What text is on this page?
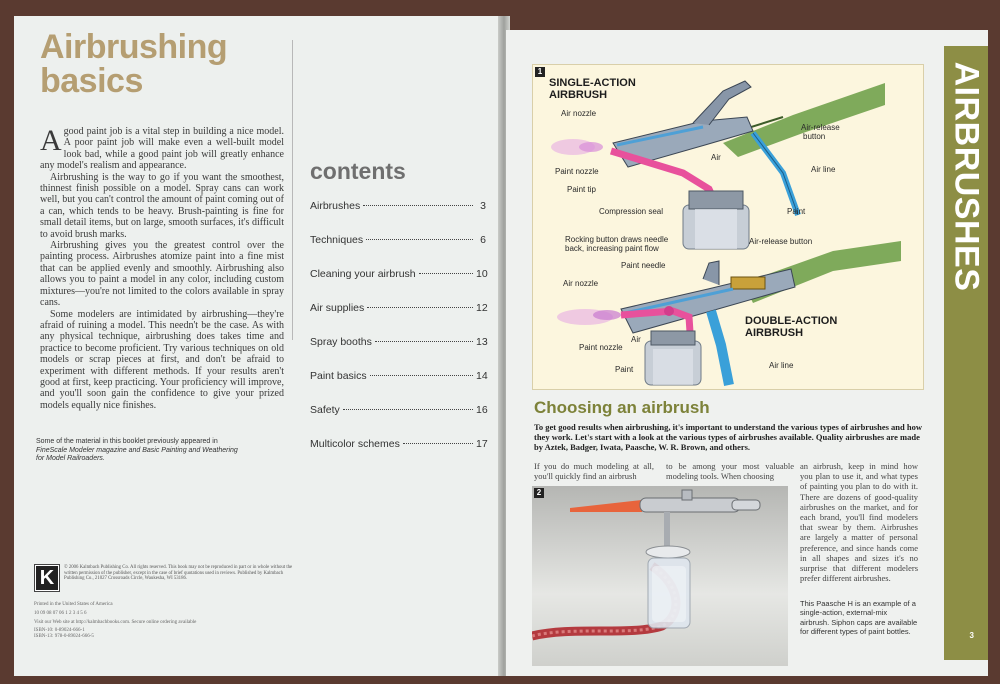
Airbrushing
basics

Agood paint job is a vital step in building a nice model. A poor paint job will make even a well-built model look bad, while a good paint job will greatly enhance any model's realism and appearance.

Airbrushing is the way to go if you want the smoothest, thinnest finish possible on a model. Spray cans can work well, but you can't control the amount of paint coming out of a can, which tends to be heavy. Brush-painting is fine for small detail items, but on large, smooth surfaces, it's difficult to avoid brush marks.

Airbrushing gives you the greatest control over the painting process. Airbrushes atomize paint into a fine mist that can be applied evenly and smoothly. Airbrushing also allows you to paint a model in any color, including custom mixtures—you're not limited to the colors available in spray cans.

Some modelers are intimidated by airbrushing—they're afraid of ruining a model. This needn't be the case. As with any physical technique, airbrushing does takes time and practice to become proficient. Try various techniques on old models or scrap pieces at first, and don't be afraid to experiment with different methods. If your results aren't good at first, keep practicing. Your proficiency will improve, and you'll soon gain the confidence to give your prized models equally nice finishes.

contents
Airbrushes	3
Techniques	6
Cleaning your airbrush	10
Air supplies	12
Spray booths	13
Paint basics	14
Safety	16
Multicolor schemes	17
Some of the material in this booklet previously appeared in
FineScale Modeler magazine and Basic Painting and Weathering
for Model Railroaders.
K	© 2006 Kalmbach Publishing Co. All rights reserved. This book may not be reproduced in part or in whole without the written permission of the publisher, except in the case of brief quotations used in reviews. Published by Kalmbach Publishing Co., 21027 Crossroads Circle, Waukesha, WI 53186.
Printed in the United States of America
10 09 08 07 06 1 2 3 4 5 6
Visit our Web site at http://kalmbachbooks.com. Secure online ordering available
ISBN-10: 0-89024-666-1
ISBN-13: 978-0-89024-666-5
AIRBRUSHES
3
1
SINGLE-ACTION
AIRBRUSH
DOUBLE-ACTION
AIRBRUSH
Air nozzle
Air-release
button
Air
Air line
Paint nozzle
Paint tip
Compression seal	Paint
Rocking button draws needle
back, increasing paint flow
Air-release button
Paint needle
Air nozzle
Air
Paint nozzle
Paint	Air line
Choosing an airbrush
To get good results when airbrushing, it's important to understand the various types of airbrushes and how they work. Let's start with a look at the various types of airbrushes available. Quality airbrushes are made by Aztek, Badger, Iwata, Paasche, W. R. Brown, and others.
If you do much modeling at all, you'll quickly find an airbrush
to be among your most valuable modeling tools. When choosing
an airbrush, keep in mind how you plan to use it, and what types of painting you plan to do with it. There are dozens of good-quality airbrushes on the market, and for each brand, you'll find modelers that swear by them. Airbrushes are largely a matter of personal preference, and since hands come in all shapes and sizes it's no surprise that different modelers prefer different airbrushes.
This Paasche H is an example of a single-action, external-mix airbrush. Siphon caps are available for different types of paint bottles.
2
